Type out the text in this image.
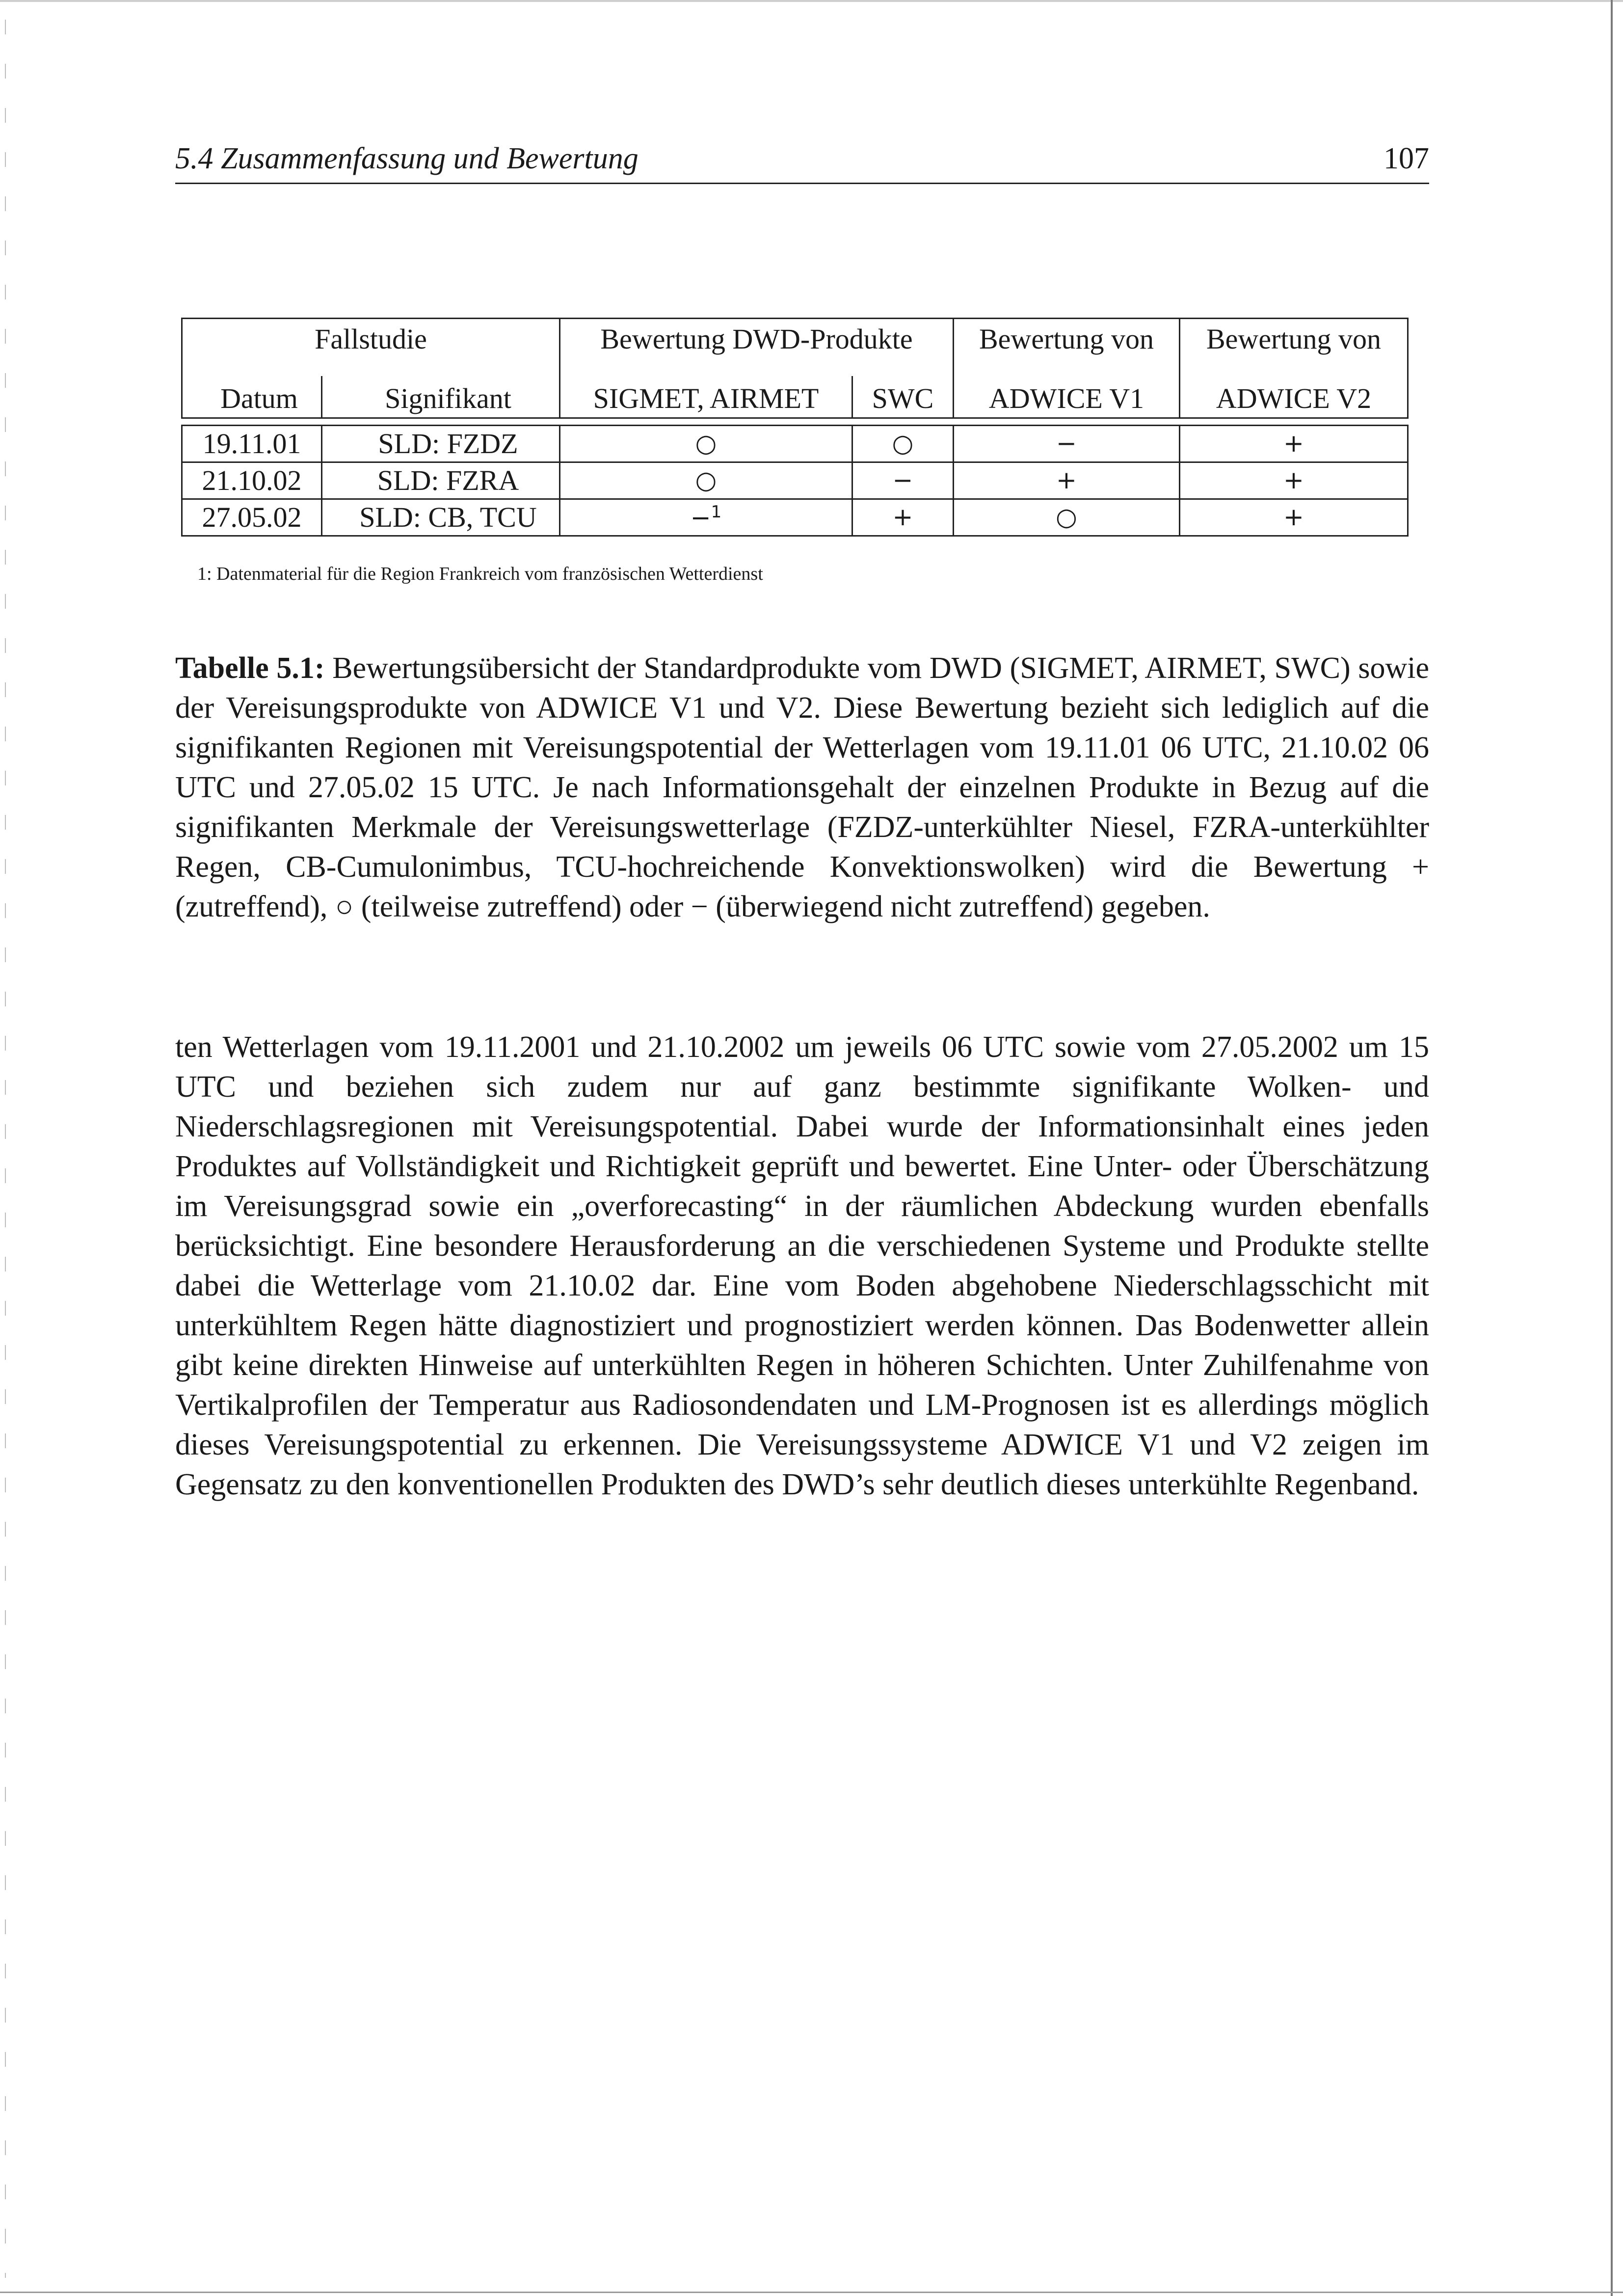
5.4 Zusammenfassung und Bewertung	107
Fallstudie		Bewertung DWD-Produkte		Bewertung von	Bewertung von
Datum	Signifikant	SIGMET, AIRMET	SWC	ADWICE V1	ADWICE V2

19.11.01	SLD: FZDZ	○	○	−	+
21.10.02	SLD: FZRA	○	−	+	+
27.05.02	SLD: CB, TCU	−$^1$	+	○	+
1: Datenmaterial für die Region Frankreich vom französischen Wetterdienst
Tabelle 5.1: Bewertungsübersicht der Standardprodukte vom DWD (SIGMET, AIRMET, SWC) sowie der Vereisungsprodukte von ADWICE V1 und V2. Diese Bewertung bezieht sich lediglich auf die signifikanten Regionen mit Vereisungspotential der Wetterlagen vom 19.11.01 06 UTC, 21.10.02 06 UTC und 27.05.02 15 UTC. Je nach Informationsgehalt der einzelnen Produkte in Bezug auf die signifikanten Merkmale der Vereisungswetterlage (FZDZ-unterkühlter Niesel, FZRA-unterkühlter Regen, CB-Cumulonimbus, TCU-hochreichende Konvektionswolken) wird die Bewertung + (zutreffend), ○ (teilweise zutreffend) oder − (überwiegend nicht zutreffend) gegeben.
ten Wetterlagen vom 19.11.2001 und 21.10.2002 um jeweils 06 UTC sowie vom 27.05.2002 um 15 UTC und beziehen sich zudem nur auf ganz bestimmte signifikante Wolken- und Niederschlagsregionen mit Vereisungspotential. Dabei wurde der Informationsinhalt eines jeden Produktes auf Vollständigkeit und Richtigkeit geprüft und bewertet. Eine Unter- oder Überschätzung im Vereisungsgrad sowie ein „overforecasting“ in der räumlichen Abdeckung wurden ebenfalls berücksichtigt. Eine besondere Herausforderung an die verschiedenen Systeme und Produkte stellte dabei die Wetterlage vom 21.10.02 dar. Eine vom Boden abgehobene Niederschlagsschicht mit unterkühltem Regen hätte diagnostiziert und prognostiziert werden können. Das Bodenwetter allein gibt keine direkten Hinweise auf unterkühlten Regen in höheren Schichten. Unter Zuhilfenahme von Vertikalprofilen der Temperatur aus Radiosondendaten und LM-Prognosen ist es allerdings möglich dieses Vereisungspotential zu erkennen. Die Vereisungssysteme ADWICE V1 und V2 zeigen im Gegensatz zu den konventionellen Produkten des DWD’s sehr deutlich dieses unterkühlte Regenband.
